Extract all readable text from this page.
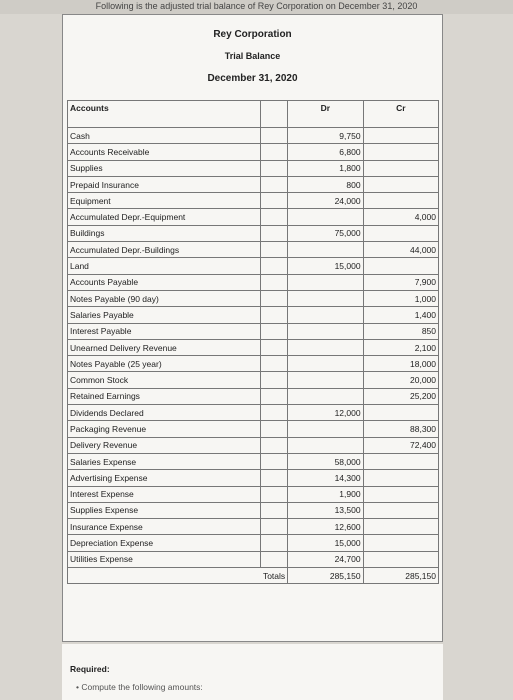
Following is the adjusted trial balance of Rey Corporation on December 31, 2020
Rey Corporation
Trial Balance
December 31, 2020
Accounts		Dr	Cr
Cash		9,750	
Accounts Receivable		6,800	
Supplies		1,800	
Prepaid Insurance		800	
Equipment		24,000	
Accumulated Depr.-Equipment			4,000
Buildings		75,000	
Accumulated Depr.-Buildings			44,000
Land		15,000	
Accounts Payable			7,900
Notes Payable (90 day)			1,000
Salaries Payable			1,400
Interest Payable			850
Unearned Delivery Revenue			2,100
Notes Payable (25 year)			18,000
Common Stock			20,000
Retained Earnings			25,200
Dividends Declared		12,000	
Packaging Revenue			88,300
Delivery Revenue			72,400
Salaries Expense		58,000	
Advertising Expense		14,300	
Interest Expense		1,900	
Supplies Expense		13,500	
Insurance Expense		12,600	
Depreciation Expense		15,000	
Utilities Expense		24,700	
	Totals	285,150	285,150
Required:
• Compute the following amounts:
